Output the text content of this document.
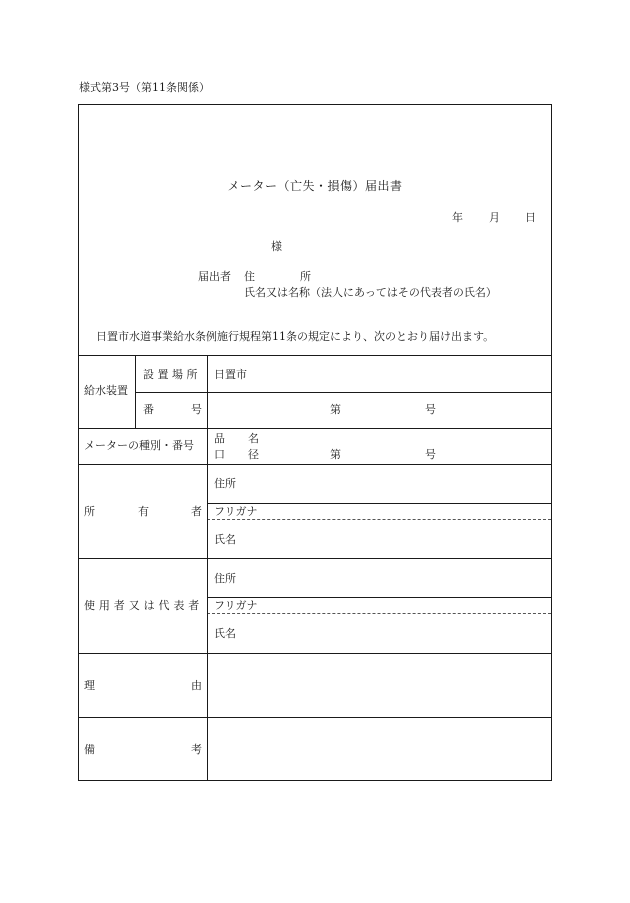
様式第3号（第11条関係）
メーター（亡失・損傷）届出書
年 月 日
様
届出者 住	所
氏名又は名称（法人にあってはその代表者の氏名）
日置市水道事業給水条例施行規程第11条の規定により、次のとおり届け出ます。
給水装置
設 置 場 所 日置市
番	号	第	号
メーターの種別・番号
品 名
口 径	第	号
所	有	者
住所
フリガナ
氏名
使 用 者 又 は 代 表 者
住所
フリガナ
氏名
理	由
備	考
